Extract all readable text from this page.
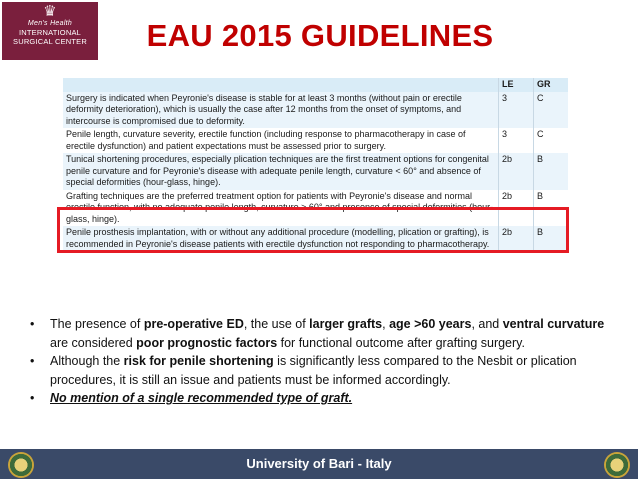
♛
Men's Health
INTERNATIONAL
SURGICAL CENTER	EAU 2015 GUIDELINES
	LE	GR
Surgery is indicated when Peyronie's disease is stable for at least 3 months (without pain or erectile deformity deterioration), which is usually the case after 12 months from the onset of symptoms, and intercourse is compromised due to deformity.	3	C
Penile length, curvature severity, erectile function (including response to pharmacotherapy in case of erectile dysfunction) and patient expectations must be assessed prior to surgery.	3	C
Tunical shortening procedures, especially plication techniques are the first treatment options for congenital penile curvature and for Peyronie's disease with adequate penile length, curvature < 60° and absence of special deformities (hour-glass, hinge).	2b	B
Grafting techniques are the preferred treatment option for patients with Peyronie's disease and normal erectile function, with no adequate penile length, curvature > 60° and presence of special deformities (hour-glass, hinge).	2b	B
Penile prosthesis implantation, with or without any additional procedure (modelling, plication or grafting), is recommended in Peyronie's disease patients with erectile dysfunction not responding to pharmacotherapy.	2b	B
• The presence of pre-operative ED, the use of larger grafts, age >60 years, and ventral curvature are considered poor prognostic factors for functional outcome after grafting surgery.
• Although the risk for penile shortening is significantly less compared to the Nesbit or plication procedures, it is still an issue and patients must be informed accordingly.
• No mention of a single recommended type of graft.
University of Bari - Italy
